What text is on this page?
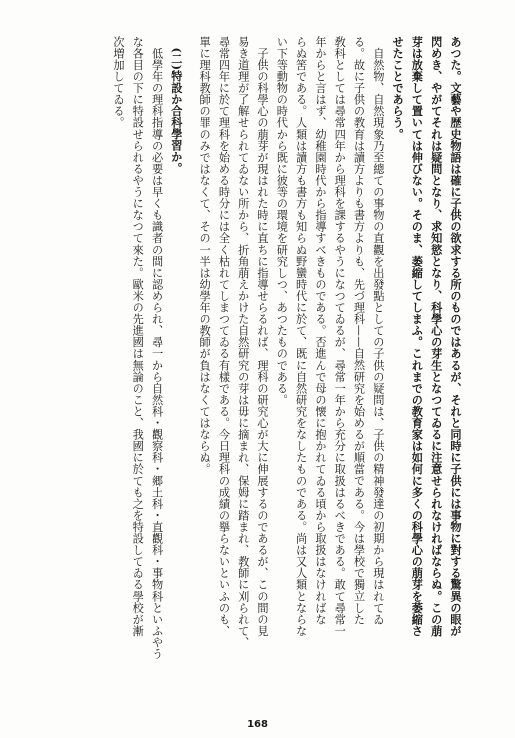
あつた。文藝や歴史物語は確に子供の欲求する所のものではあるが、それと同時に子供には事物に對する驚異の眼が
閃めき、やがてそれは疑問となり、求知慾となり、科學心の芽生となつてゐるに注意せられなければならぬ。この萠
芽は放棄して置いては伸びない。そのま、萎縮してしまふ。これまでの教育家は如何に多くの科學心の萠芽を萎縮さ
せたことであらう。
　自然物、自然現象乃至總ての事物の直觀を出發點としての子供の疑問は、子供の精神發達の初期から現はれてゐ
る。故に子供の教育は讀方よりも書方よりも、先づ理科——自然研究を始めるが順當である。今は學校で獨立した
敎科としては尋常四年から理科を課するやうになつてゐるが、尋常一年から充分に取扱はるべきである。敢て尋常一
年からと言はず、幼稚園時代から指導すべきものである。否進んで母の懐に抱かれてゐる頃から取扱はなければな
らぬ筈である。人類は讀方も書方も知らぬ野蠻時代に於て、既に自然研究をなしたものである。尚は又人類とならな
い下等動物の時代から既に彼等の環境を研究しつ、あつたものである。
　子供の科學心の萠芽が現はれた時に直ちに指導せらるれば、理科の研究心が大に伸展するのであるが、この間の見
易き道理が了解せられてゐない所から、折角萠えかけた自然研究の芽は毋に摘まれ、保姆に踏まれ、教師に刈られて、
尋常四年に於て理科を始める時分には全く枯れてしまつてゐる有樣である。今日理科の成績の擧らないといふのも、
單に理科教師の罪のみではなくて、その一半は幼學年の教師が負はなくてはならぬ。
　(二)特設か合科學習か。
　低學年の理科指導の必要は早くも識者の間に認められ、尋一から自然科・觀察科・郷土科・直觀科・事物科といふやう
な各目の下に特設せられるやうになつて來た。歐米の先進國は無論のこと、我國に於ても之を特設してゐる學校が漸
次増加してゐる。
168
